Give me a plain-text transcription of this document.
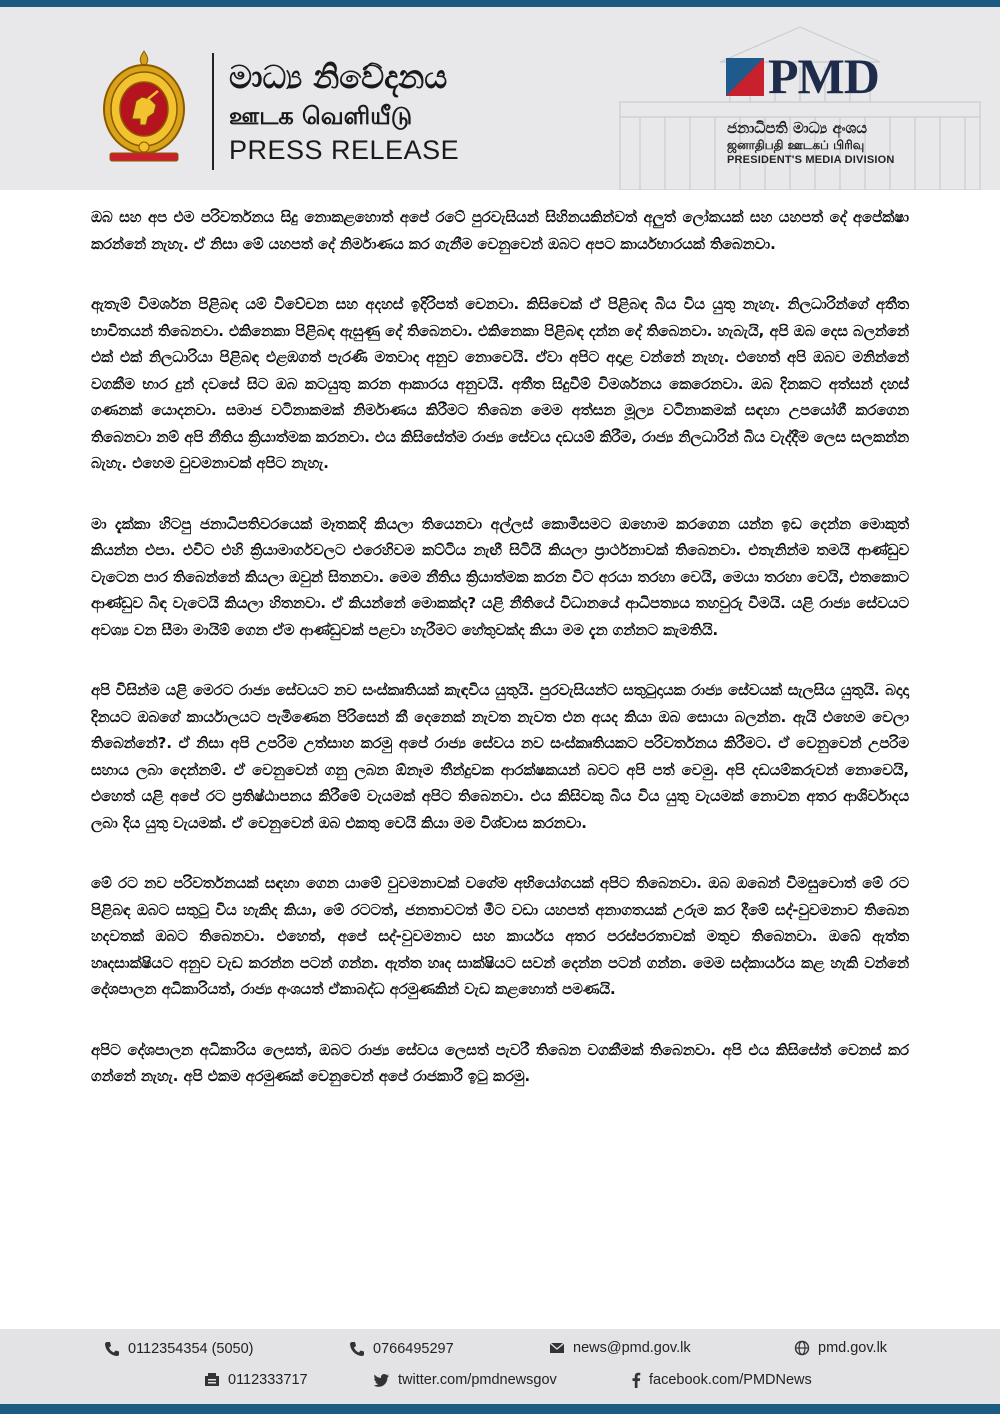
මාධ්‍ය නිවේදනය
ஊடக வெளியீடு
PRESS RELEASE
PMD
ජනාධිපති මාධ්‍ය අංශය
ஜனாதிபதி ஊடகப் பிரிவு
PRESIDENT'S MEDIA DIVISION

ඔබ සහ අප එම පරිවර්තනය සිදු නොකළහොත් අපේ රටේ පුරවැසියන් සිහිනයකින්වත් අලුත් ලෝකයක් සහ යහපත් දේ අපේක්ෂා කරන්නේ නැහැ. ඒ නිසා මේ යහපත් දේ නිර්මාණය කර ගැනීම වෙනුවෙන් ඔබට අපට කාර්යභාරයක් තිබෙනවා.

ඇතැම් විමර්ශන පිළිබඳ යම් විවේචන සහ අදහස් ඉදිරිපත් වෙනවා. කිසිවෙක් ඒ පිළිබඳ බිය විය යුතු නැහැ. නිලධාරින්ගේ අතීත භාවිතයන් තිබෙනවා. එකිනෙකා පිළිබඳ ඇසුණු දේ තිබෙනවා. එකිනෙකා පිළිබඳ දන්න දේ තිබෙනවා. හැබැයි, අපි ඔබ දෙස බලන්නේ එක් එක් නිලධාරියා පිළිබඳ එළඹගත් පැරණි මතවාද අනුව නොවෙයි. ඒවා අපිට අදාළ වන්නේ නැහැ. එහෙත් අපි ඔබව මනින්නේ වගකීම භාර දුන් දවසේ සිට ඔබ කටයුතු කරන ආකාරය අනුවයි. අතීත සිදුවීම් විමර්ශනය කෙරෙනවා. ඔබ දිනකට අත්සන් දහස් ගණනක් යොදනවා. සමාජ වටිනාකමක් නිර්මාණය කිරීමට තිබෙන මෙම අත්සන මූල්‍ය වටිනාකමක් සඳහා උපයෝගී කරගෙන තිබෙනවා නම් අපි නීතිය ක්‍රියාත්මක කරනවා. එය කිසිසේත්ම රාජ්‍ය සේවය දඩයම් කිරීම, රාජ්‍ය නිලධාරින් බිය වැද්දීම ලෙස සලකන්න බැහැ. එහෙම චුවමනාවක් අපිට නැහැ.

මා දැක්කා හිටපු ජනාධිපතිවරයෙක් මෑතකදි කියලා තියෙනවා අල්ලස් කොමිසමට ඔහොම කරගෙන යන්න ඉඩ දෙන්න මොකුත් කියන්න එපා. එවිට එහි ක්‍රියාමාර්ගවලට එරෙහිවම කට්ටිය නැඟී සිටියි කියලා ප්‍රාර්ථනාවක් තිබෙනවා. එතැනින්ම තමයි ආණ්ඩුව වැටෙන පාර තිබෙන්නේ කියලා ඔවුන් සිතනවා. මෙම නීතිය ක්‍රියාත්මක කරන විට අරයා තරහා වෙයි, මෙයා තරහා වෙයි, එතකොට ආණ්ඩුව බිඳ වැටෙයි කියලා හිතනවා. ඒ කියන්නේ මොකක්ද? යළි නීතියේ විධානයේ ආධිපත්‍යය තහවුරු වීමයි. යළි රාජ්‍ය සේවයට අවශ්‍ය වන සීමා මායිම් ගෙන ඒම ආණ්ඩුවක් පළවා හැරීමට හේතුවක්ද කියා මම දැන ගන්නට කැමතියි.

අපි විසින්ම යළි මෙරට රාජ්‍ය සේවයට නව සංස්කෘතියක් කැඳවිය යුතුයි. පුරවැසියන්ට සතුටුදායක රාජ්‍ය සේවයක් සැලසිය යුතුයි. බදාදා දිනයට ඔබගේ කාර්යාලයට පැමිණෙන පිරිසෙන් කී දෙනෙක් නැවත නැවත එන අයද කියා ඔබ සොයා බලන්න. ඇයි එහෙම වෙලා තිබෙන්නේ?. ඒ නිසා අපි උපරිම උත්සාහ කරමු අපේ රාජ්‍ය සේවය නව සංස්කෘතියකට පරිවර්තනය කිරීමට. ඒ වෙනුවෙන් උපරිම සහාය ලබා දෙන්නම්. ඒ වෙනුවෙන් ගනු ලබන ඕනෑම තීන්දුවක ආරක්ෂකයන් බවට අපි පත් වෙමු. අපි දඩයම්කරුවන් නොවෙයි, එහෙත් යළි අපේ රට ප්‍රතිෂ්ඨාපනය කිරීමේ වැයමක් අපිට තිබෙනවා. එය කිසිවකු බිය විය යුතු වැයමක් නොවන අතර ආශිර්වාදය ලබා දිය යුතු වැයමක්. ඒ වෙනුවෙන් ඔබ එකතු වෙයි කියා මම විශ්වාස කරනවා.

මේ රට නව පරිවර්තනයක් සඳහා ගෙන යාමේ වුවමනාවක් වගේම අභියෝගයක් අපිට තිබෙනවා. ඔබ ඔබෙන් විමසුවොත් මේ රට පිළිබඳ ඔබට සතුටු විය හැකිද කියා, මේ රටටත්, ජනතාවටත් මීට වඩා යහපත් අනාගතයක් උරුම කර දීමේ සද්-වුවමනාව තිබෙන හදවතක් ඔබට තිබෙනවා. එහෙත්, අපේ සද්-වුවමනාව සහ කාර්යය අතර පරස්පරතාවක් මතුව තිබෙනවා. ඔබේ ඇත්ත හෘදසාක්ෂියට අනුව වැඩ කරන්න පටන් ගන්න. ඇත්ත හෘද සාක්ෂියට සවන් දෙන්න පටන් ගන්න. මෙම සද්කාර්යය කළ හැකි වන්නේ දේශපාලන අධිකාරියත්, රාජ්‍ය අංශයත් ඒකාබද්ධ අරමුණකින් වැඩ කළහොත් පමණයි.

අපිට දේශපාලන අධිකාරිය ලෙසත්, ඔබට රාජ්‍ය සේවය ලෙසත් පැවරී තිබෙන වගකීමක් තිබෙනවා. අපි එය කිසිසේත් වෙනස් කර ගන්නේ නැහැ. අපි එකම අරමුණක් වෙනුවෙන් අපේ රාජකාරී ඉටු කරමු.

0112354354 (5050)	0766495297	news@pmd.gov.lk	pmd.gov.lk
0112333717	twitter.com/pmdnewsgov	facebook.com/PMDNews
